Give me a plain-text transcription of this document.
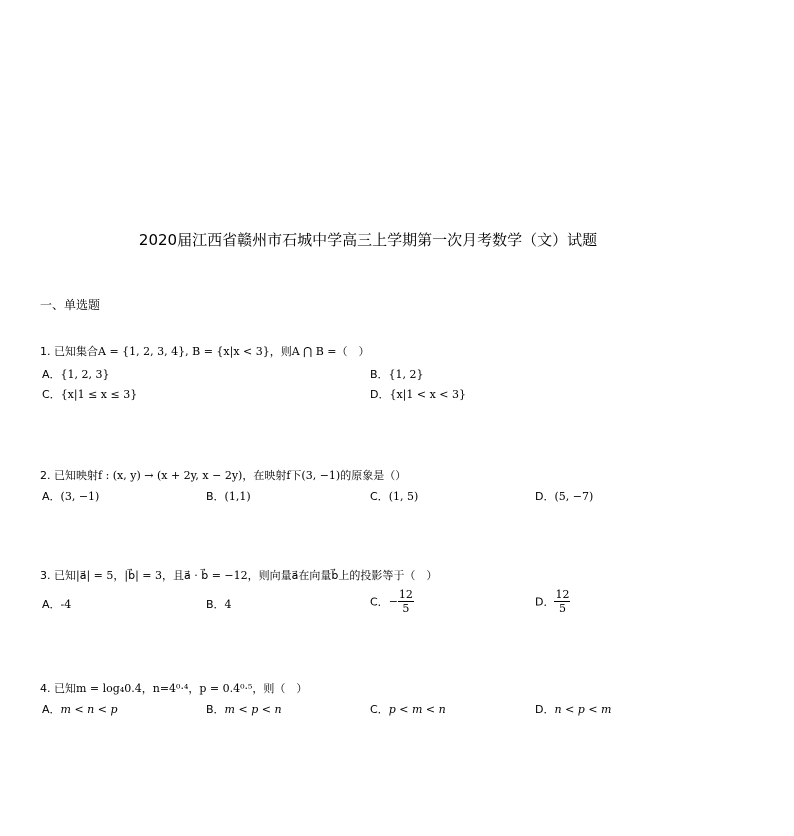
2020届江西省赣州市石城中学高三上学期第一次月考数学（文）试题
一、单选题
1. 已知集合A = {1, 2, 3, 4}, B = {x|x < 3}，则A ⋂ B =（　）
A．{1, 2, 3}	B．{1, 2}
C．{x|1 ≤ x ≤ 3}	D．{x|1 < x < 3}
2. 已知映射f : (x, y) → (x + 2y, x − 2y)，在映射f下(3, −1)的原象是（）
A．(3, −1)	B．(1,1)	C．(1, 5)	D．(5, −7)
3. 已知|a⃗| = 5，|b⃗| = 3，且a⃗ · b⃗ = −12，则向量a⃗在向量b⃗上的投影等于（　）
A．-4	B．4	C．− $\frac{12}{5}$	D． $\frac{12}{5}$
4. 已知m = log₄0.4，n=4⁰·⁴，p = 0.4⁰·⁵，则（　）
A．m < n < p	B．m < p < n	C．p < m < n	D．n < p < m
